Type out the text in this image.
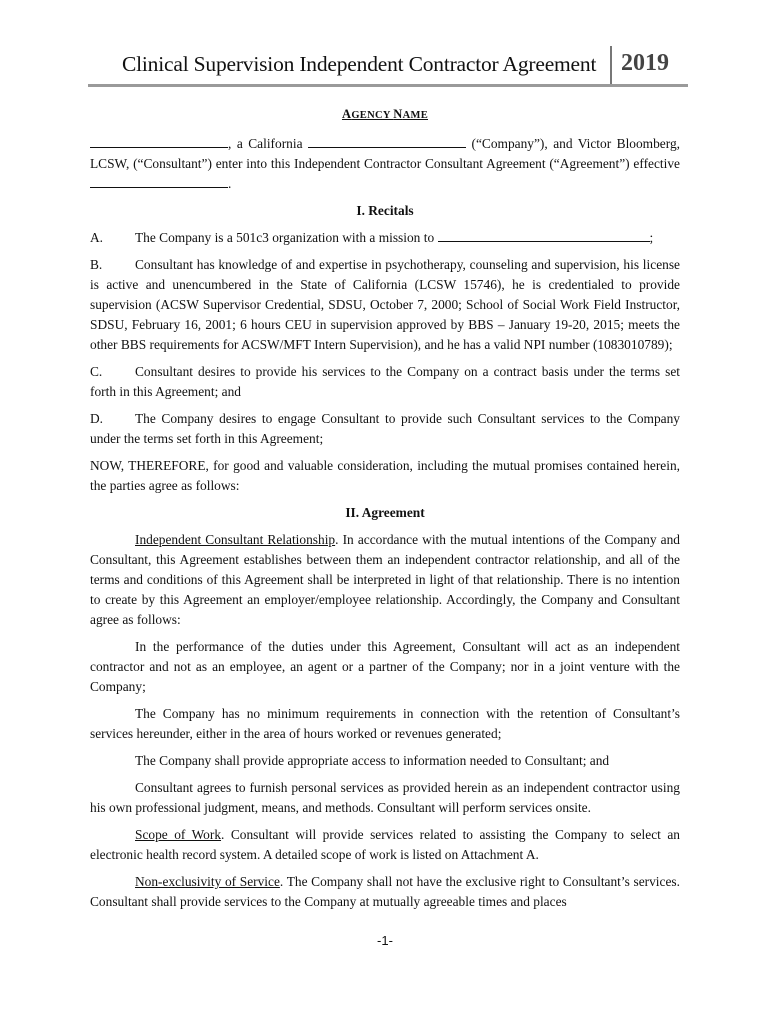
Clinical Supervision Independent Contractor Agreement 2019

AGENCY NAME

, a California	(“Company”), and Victor Bloomberg, LCSW, (“Consultant”) enter into this Independent Contractor Consultant Agreement (“Agreement”) effective .

I. Recitals

A. The Company is a 501c3 organization with a mission to	;

B. Consultant has knowledge of and expertise in psychotherapy, counseling and supervision, his license is active and unencumbered in the State of California (LCSW 15746), he is credentialed to provide supervision (ACSW Supervisor Credential, SDSU, October 7, 2000; School of Social Work Field Instructor, SDSU, February 16, 2001; 6 hours CEU in supervision approved by BBS – January 19-20, 2015; meets the other BBS requirements for ACSW/MFT Intern Supervision), and he has a valid NPI number (1083010789);

C. Consultant desires to provide his services to the Company on a contract basis under the terms set forth in this Agreement; and

D. The Company desires to engage Consultant to provide such Consultant services to the Company under the terms set forth in this Agreement;

NOW, THEREFORE, for good and valuable consideration, including the mutual promises contained herein, the parties agree as follows:

II. Agreement

Independent Consultant Relationship. In accordance with the mutual intentions of the Company and Consultant, this Agreement establishes between them an independent contractor relationship, and all of the terms and conditions of this Agreement shall be interpreted in light of that relationship. There is no intention to create by this Agreement an employer/employee relationship. Accordingly, the Company and Consultant agree as follows:

In the performance of the duties under this Agreement, Consultant will act as an independent contractor and not as an employee, an agent or a partner of the Company; nor in a joint venture with the Company;

The Company has no minimum requirements in connection with the retention of Consultant’s services hereunder, either in the area of hours worked or revenues generated;

The Company shall provide appropriate access to information needed to Consultant; and

Consultant agrees to furnish personal services as provided herein as an independent contractor using his own professional judgment, means, and methods. Consultant will perform services onsite.

Scope of Work. Consultant will provide services related to assisting the Company to select an electronic health record system. A detailed scope of work is listed on Attachment A.

Non-exclusivity of Service. The Company shall not have the exclusive right to Consultant’s services. Consultant shall provide services to the Company at mutually agreeable times and places

-1-
